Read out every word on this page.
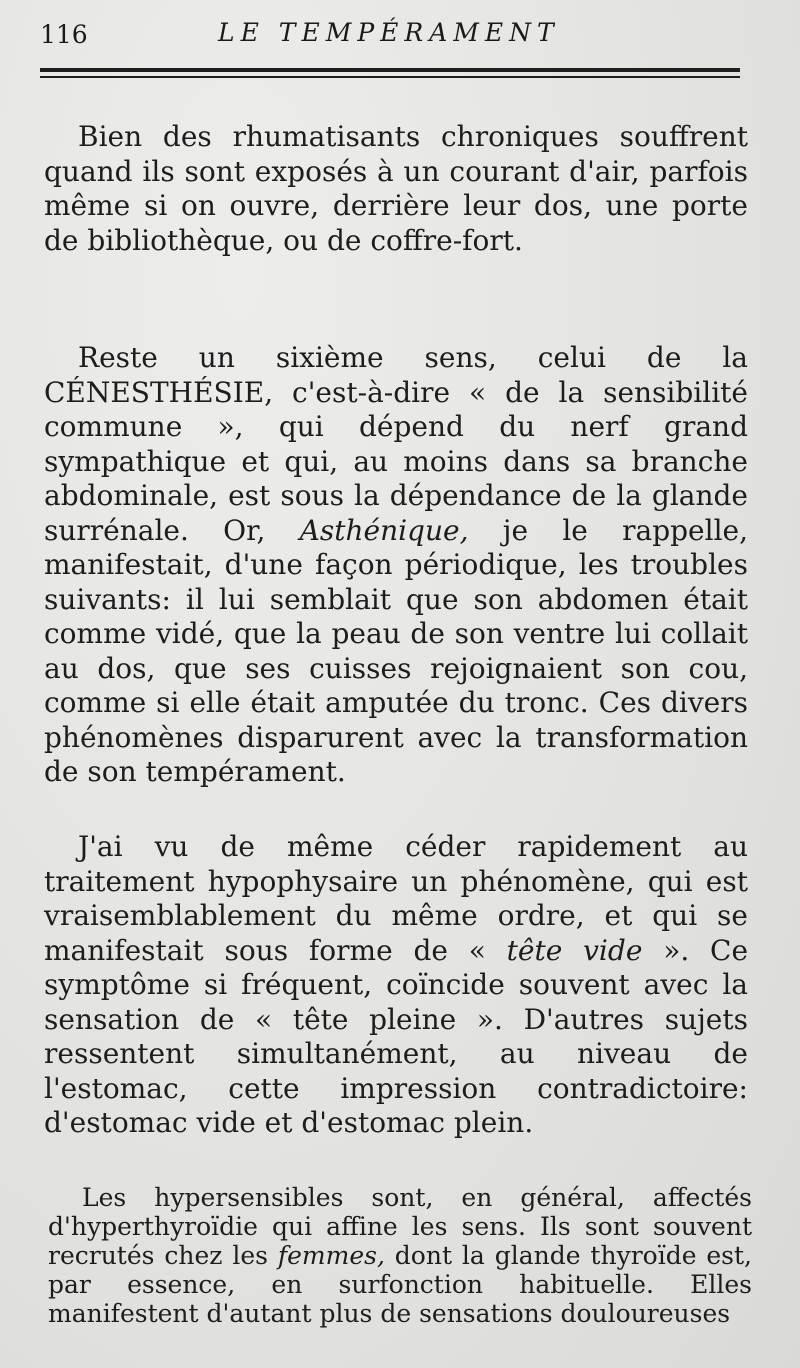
116	LE TEMPÉRAMENT

Bien des rhumatisants chroniques souffrent quand ils sont exposés à un courant d'air, parfois même si on ouvre, derrière leur dos, une porte de bibliothèque, ou de coffre-fort.

Reste un sixième sens, celui de la CÉNESTHÉSIE, c'est-à-dire « de la sensibilité commune », qui dépend du nerf grand sympathique et qui, au moins dans sa branche abdominale, est sous la dépendance de la glande surrénale. Or, Asthénique, je le rappelle, manifestait, d'une façon périodique, les troubles suivants: il lui semblait que son abdomen était comme vidé, que la peau de son ventre lui collait au dos, que ses cuisses rejoignaient son cou, comme si elle était amputée du tronc. Ces divers phénomènes disparurent avec la transformation de son tempérament.

J'ai vu de même céder rapidement au traitement hypophysaire un phénomène, qui est vraisemblablement du même ordre, et qui se manifestait sous forme de « tête vide ». Ce symptôme si fréquent, coïncide souvent avec la sensation de « tête pleine ». D'autres sujets ressentent simultanément, au niveau de l'estomac, cette impression contradictoire: d'estomac vide et d'estomac plein.

Les hypersensibles sont, en général, affectés d'hyperthyroïdie qui affine les sens. Ils sont souvent recrutés chez les femmes, dont la glande thyroïde est, par essence, en surfonction habituelle. Elles manifestent d'autant plus de sensations douloureuses
